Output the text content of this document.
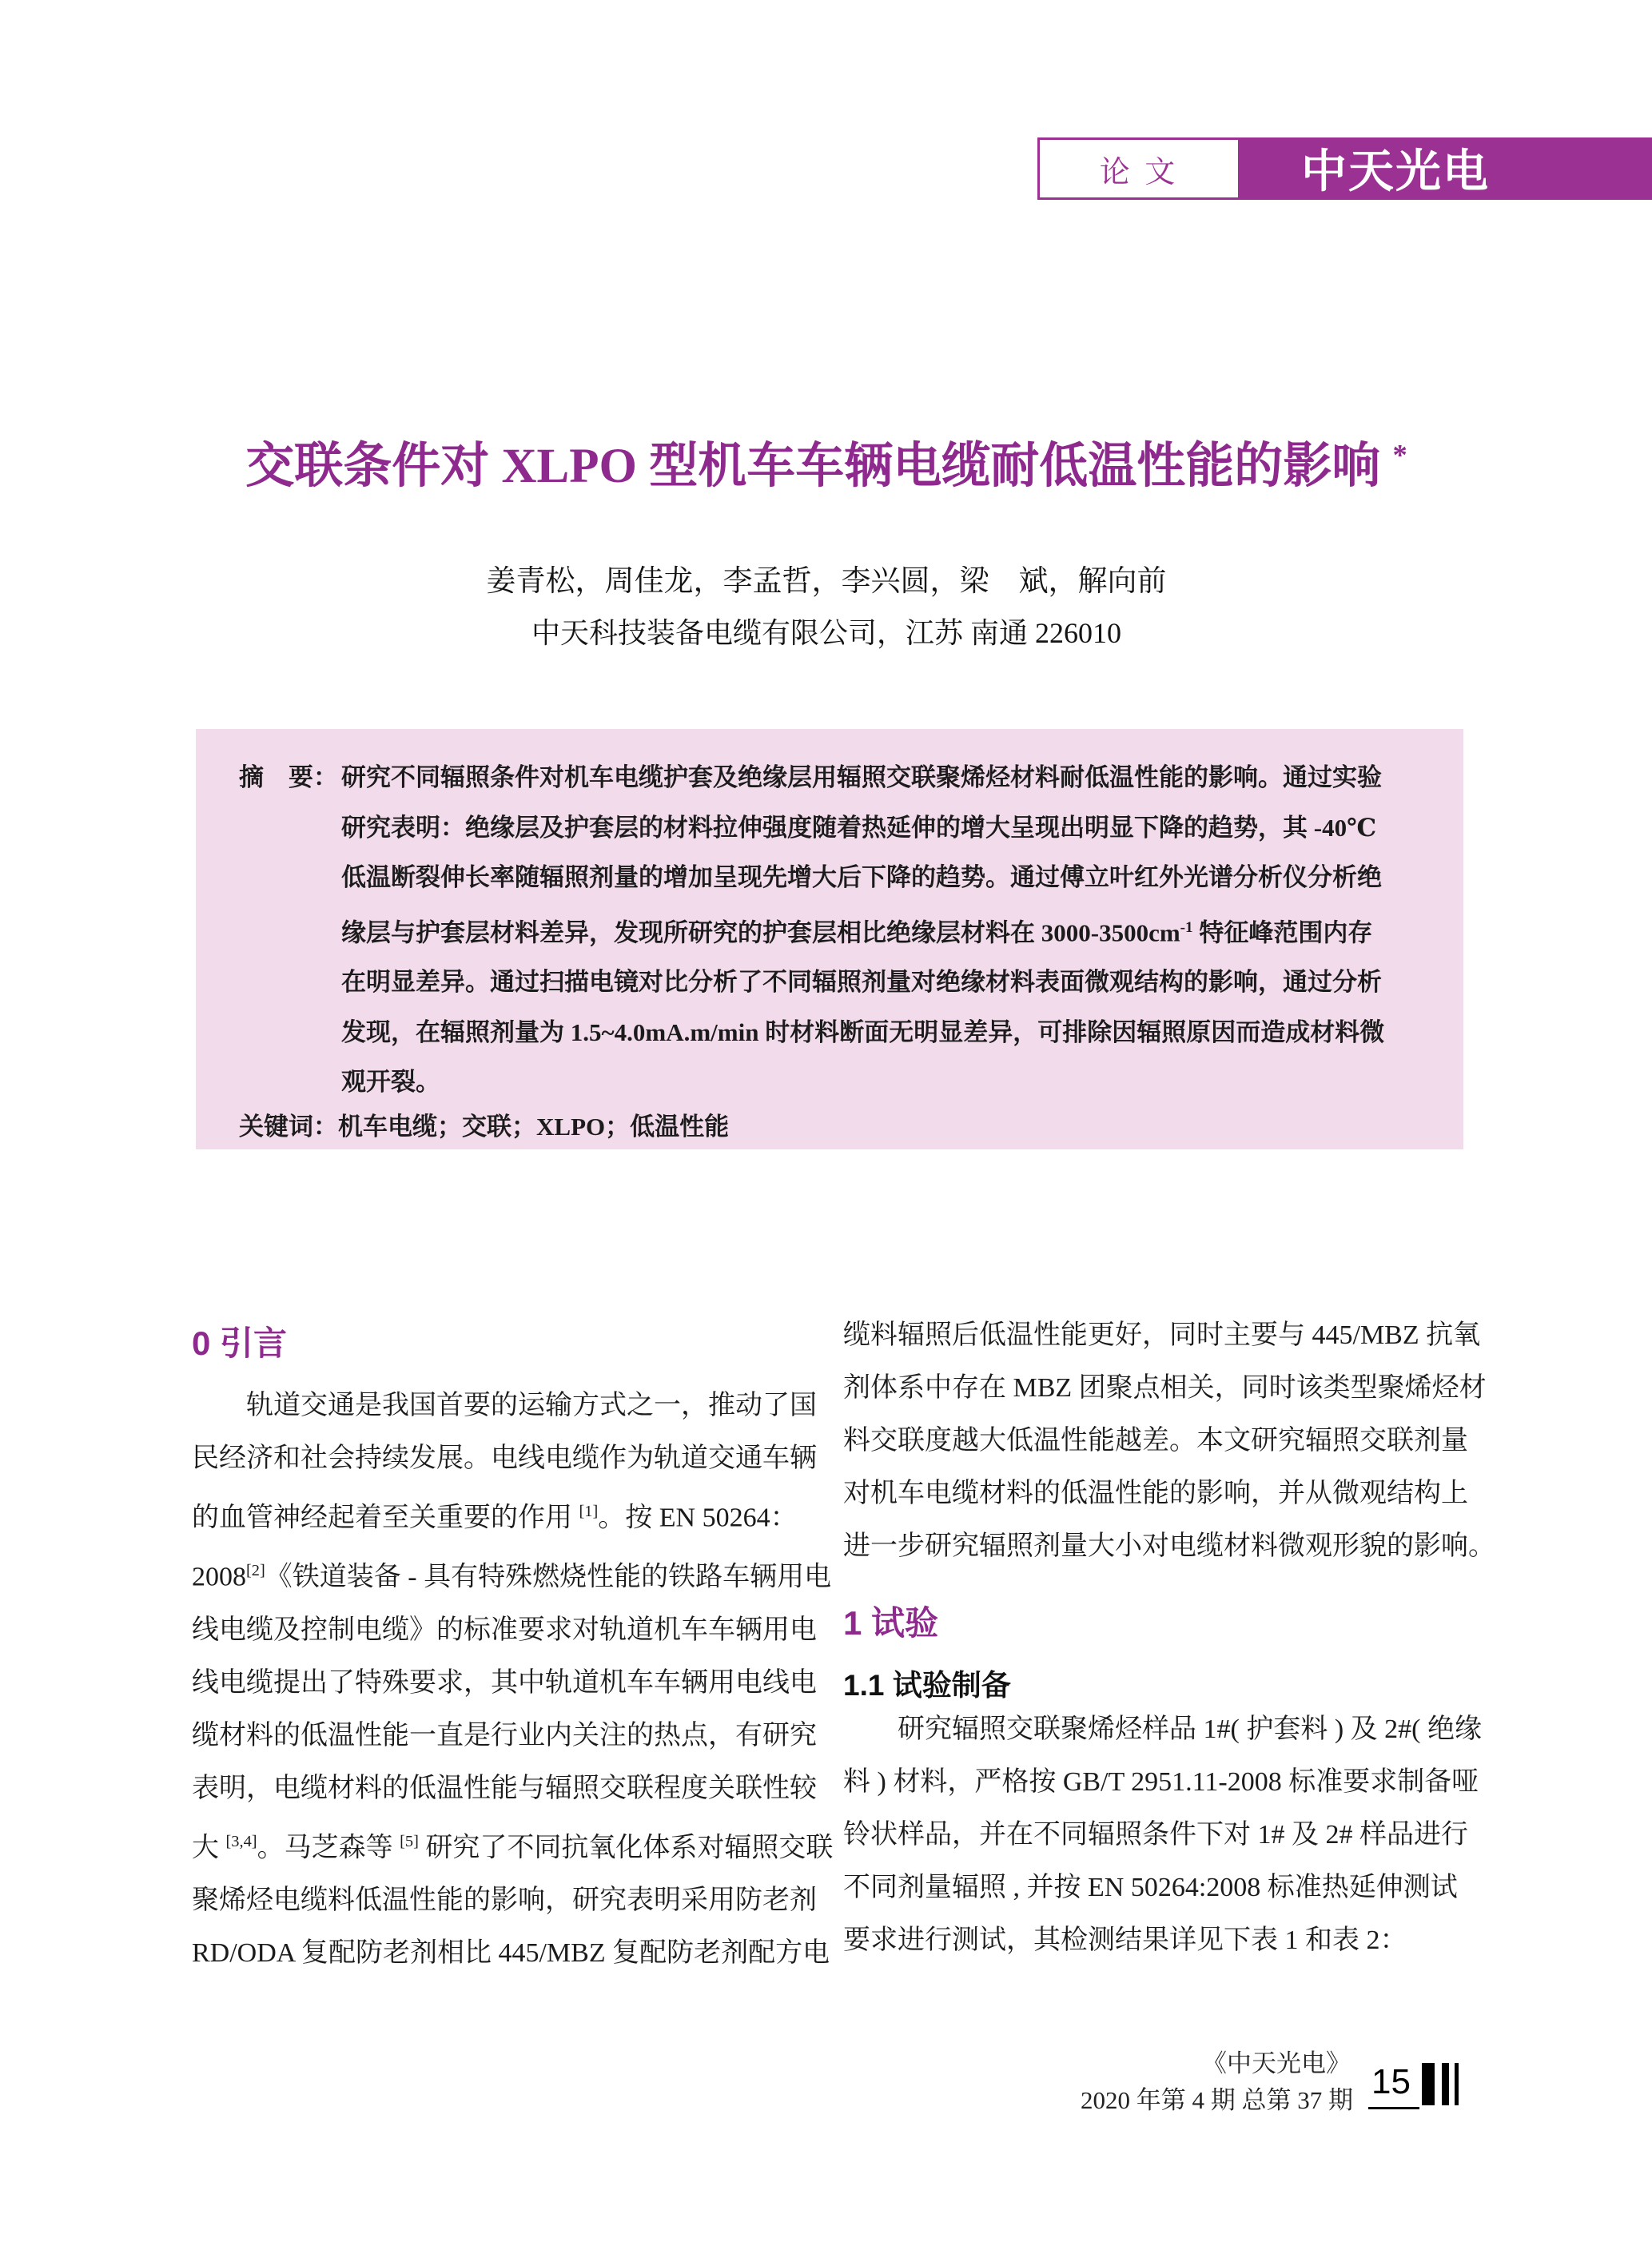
论 文	中天光电
交联条件对 XLPO 型机车车辆电缆耐低温性能的影响 *
姜青松，周佳龙，李孟哲，李兴圆，梁　斌，解向前
中天科技装备电缆有限公司，江苏 南通 226010
摘　要： 研究不同辐照条件对机车电缆护套及绝缘层用辐照交联聚烯烃材料耐低温性能的影响。通过实验
研究表明：绝缘层及护套层的材料拉伸强度随着热延伸的增大呈现出明显下降的趋势，其 -40℃
低温断裂伸长率随辐照剂量的增加呈现先增大后下降的趋势。通过傅立叶红外光谱分析仪分析绝
缘层与护套层材料差异，发现所研究的护套层相比绝缘层材料在 $3000-3500cm^{-1}$ 特征峰范围内存
在明显差异。通过扫描电镜对比分析了不同辐照剂量对绝缘材料表面微观结构的影响，通过分析
发现，在辐照剂量为 1.5~4.0mA.m/min 时材料断面无明显差异，可排除因辐照原因而造成材料微
观开裂。
关键词：机车电缆；交联；XLPO；低温性能
0 引言
轨道交通是我国首要的运输方式之一，推动了国
民经济和社会持续发展。电线电缆作为轨道交通车辆
的血管神经起着至关重要的作用 [1]。按 EN 50264：
2008[2]《铁道装备 - 具有特殊燃烧性能的铁路车辆用电
线电缆及控制电缆》的标准要求对轨道机车车辆用电
线电缆提出了特殊要求，其中轨道机车车辆用电线电
缆材料的低温性能一直是行业内关注的热点，有研究
表明，电缆材料的低温性能与辐照交联程度关联性较
大 [3,4]。马芝森等 [5] 研究了不同抗氧化体系对辐照交联
聚烯烃电缆料低温性能的影响，研究表明采用防老剂
RD/ODA 复配防老剂相比 445/MBZ 复配防老剂配方电
缆料辐照后低温性能更好，同时主要与 445/MBZ 抗氧
剂体系中存在 MBZ 团聚点相关，同时该类型聚烯烃材
料交联度越大低温性能越差。本文研究辐照交联剂量
对机车电缆材料的低温性能的影响，并从微观结构上
进一步研究辐照剂量大小对电缆材料微观形貌的影响。
1 试验
1.1 试验制备
研究辐照交联聚烯烃样品 1#( 护套料 ) 及 2#( 绝缘
料 ) 材料，严格按 GB/T 2951.11-2008 标准要求制备哑
铃状样品，并在不同辐照条件下对 1# 及 2# 样品进行
不同剂量辐照 , 并按 EN 50264:2008 标准热延伸测试
要求进行测试，其检测结果详见下表 1 和表 2：
《中天光电》
2020 年第 4 期 总第 37 期 15
